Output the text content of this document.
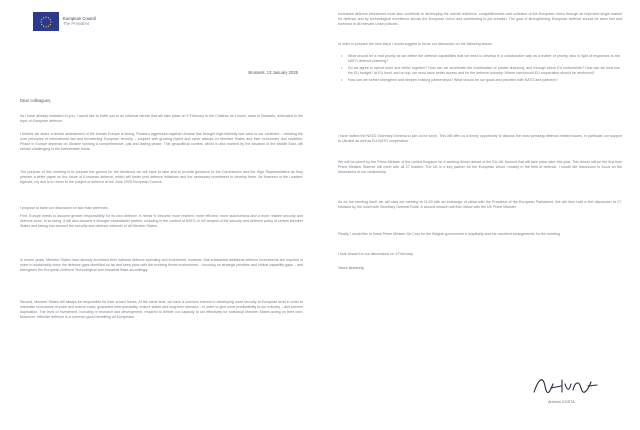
European Council
The President
Brussels, 13 January 2025
Dear colleagues,

As I have already indicated to you, I would like to invite you to an informal retreat that will take place on 3 February in the Château de Limont, close to Brussels, dedicated to the topic of European defence.

I believe we share a similar assessment of the threats Europe is facing. Russia's aggression against Ukraine has brought high-intensity war back to our continent – violating the core principles of international law and threatening European security – coupled with growing hybrid and cyber attacks on Member States and their economies and societies. Peace in Europe depends on Ukraine winning a comprehensive, just and lasting peace. This geopolitical context, which is also marked by the situation in the Middle East, will remain challenging in the foreseeable future.

The purpose of this meeting is to prepare the ground for the decisions we will have to take and to provide guidance to the Commission and the High Representative as they prepare a white paper on the future of European defence, which will foster joint defence initiatives and the necessary investment to develop them. As foreseen in the Leaders' Agenda, my aim is to return to the subject of defence at the June 2025 European Council.

I propose to base our discussion on two main premises.

First, Europe needs to assume greater responsibility for its own defence. It needs to become more resilient, more efficient, more autonomous and a more reliable security and defence actor. In so doing, it will also become a stronger transatlantic partner, including in the context of NATO, in full respect of the security and defence policy of certain Member States and taking into account the security and defence interests of all Member States.

In recent years, Member States have already increased their national defence spending and investment; however, that substantial additional defence investments are required in order to sustainably close the defence gaps identified so far and keep pace with the evolving threat environment – focusing on strategic priorities and critical capability gaps – and strengthen the European Defence Technological and Industrial Base accordingly.

Second, Member States will always be responsible for their armed forces. At the same time, we have a common interest in developing more security at European level in order to maximise economies of scale and reduce costs, guarantee interoperability, ensure stable and long-term demand – in order to give more predictability to our industry – and prevent duplication. The level of investment, including in research and development, required to deliver our capacity to act effectively for individual Member States acting on their own. Moreover, effective defence is a common good benefiting all Europeans.

Increased defence investment must also contribute to developing the overall resilience, competitiveness and cohesion of the European Union through an improved single market for defence and by technological excellence across the European Union and contributing to job creation. The goal of strengthening European defence should be seen first and foremost in all relevant Union policies.

In order to prepare the next steps I would suggest to focus our discussion on the following issues:

• What should be a real priority as we define the defence capabilities that we need to develop in a collaborative way as a matter of priority, also in light of responses to the NATO defence planning?
• Do we agree to spend more and better together? How can we accelerate the mobilisation of private financing, and through which EU instruments? How can we best use the EU budget? At EU level, and on top, we must have better access and for the defence industry: Where can/should EU cooperation should be reinforced?
• How can we further strengthen and deepen existing partnerships? What should be our goals and priorities with NATO and partners?

I have invited the NATO Secretary General to join us for lunch. This will offer us a timely opportunity to discuss the most pressing defence-related issues, in particular our support to Ukraine as well as EU-NATO cooperation.

We will be joined by the Prime Minister of the United Kingdom for a working dinner ahead of the EU-UK Summit that will take place later this year. This dinner will be the first time Prime Minister Starmer will meet with all 27 leaders. The UK is a key partner for the European Union, notably in the field of defence. I would like discussion to focus on the dimensions of our relationship.

As for the meeting itself, we will start our meeting at 11:00 with an exchange of views with the President of the European Parliament. We will then hold a first discussion at 27, followed by the lunch with Secretary General Rutte. A second session will then follow with the UK Prime Minister.

Finally, I would like to thank Prime Minister De Croo for the Belgian government's hospitality and the excellent arrangements for the meeting.

I look forward to our discussions on 3 February.

Yours sincerely,
António COSTA
